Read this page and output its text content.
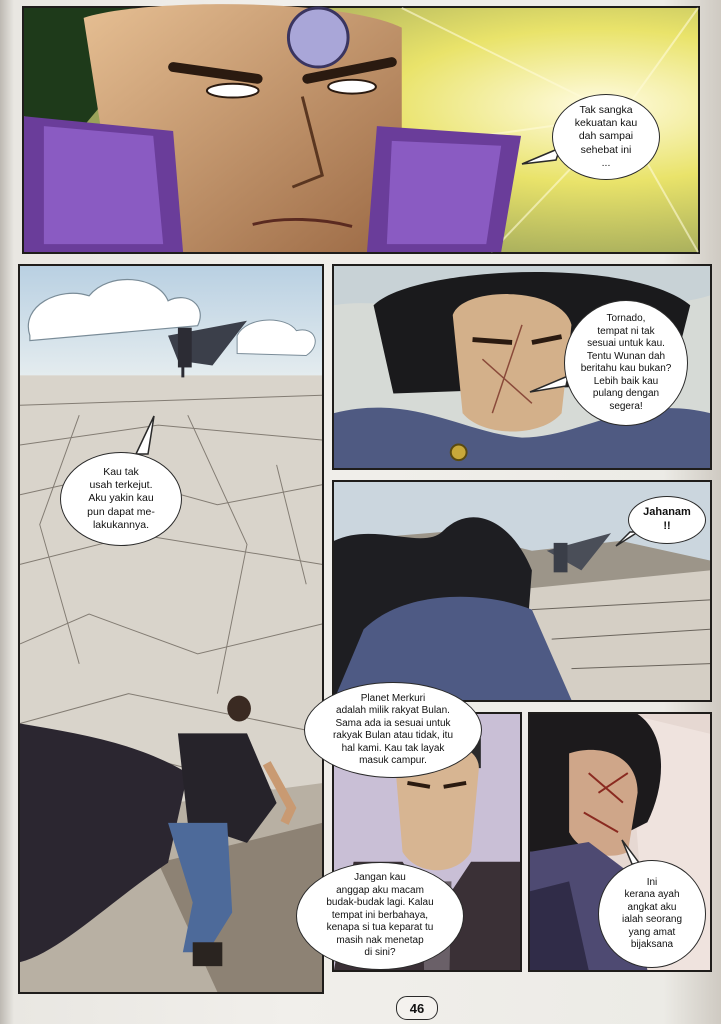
Tak sangka
kekuatan kau
dah sampai
sehebat ini
...
Kau tak
usah terkejut.
Aku yakin kau
pun dapat me-
lakukannya.
Tornado,
tempat ni tak
sesuai untuk kau.
Tentu Wunan dah
beritahu kau bukan?
Lebih baik kau
pulang dengan
segera!
Jahanam
!!
Planet Merkuri
adalah milik rakyat Bulan.
Sama ada ia sesuai untuk
rakyak Bulan atau tidak, itu
hal kami. Kau tak layak
masuk campur.
Jangan kau
anggap aku macam
budak-budak lagi. Kalau
tempat ini berbahaya,
kenapa si tua keparat tu
masih nak menetap
di sini?
Ini
kerana ayah
angkat aku
ialah seorang
yang amat
bijaksana
46
